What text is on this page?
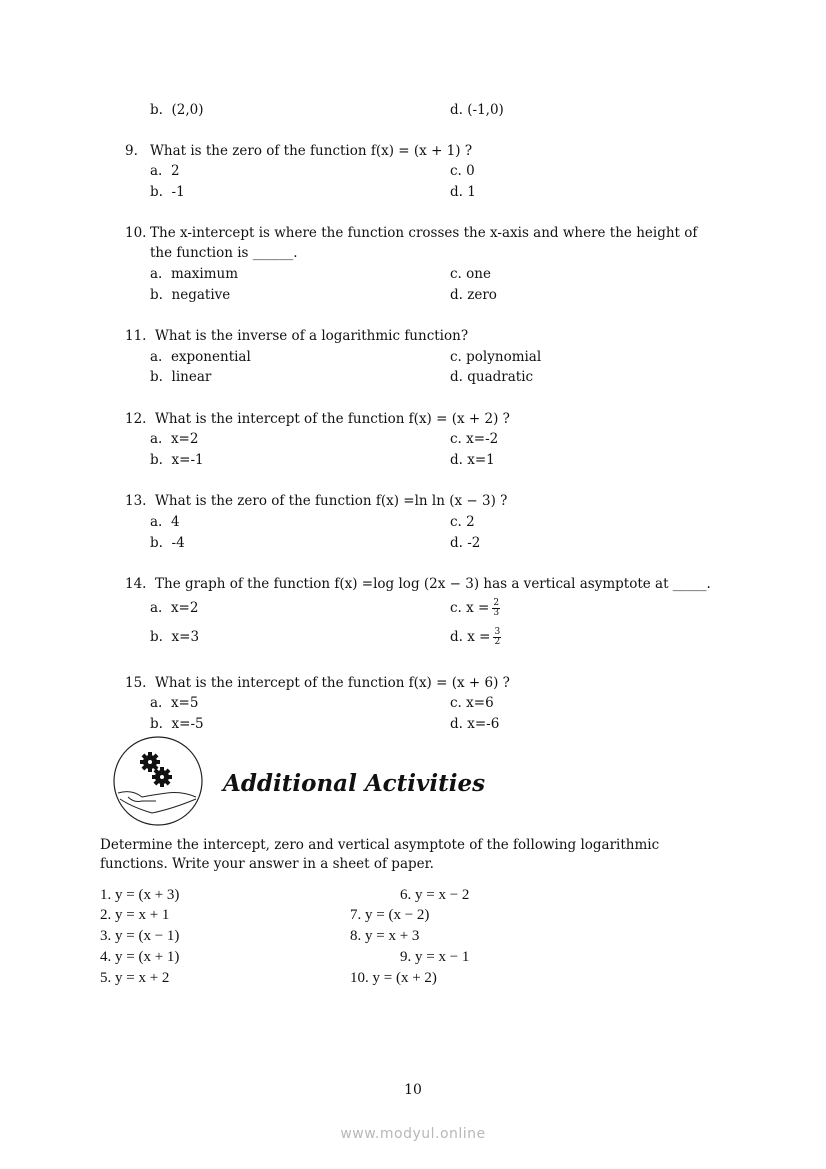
b. (2,0)	d. (-1,0)
9. What is the zero of the function f(x) = (x + 1) ?
a. 2	c. 0
b. -1	d. 1
10. The x-intercept is where the function crosses the x-axis and where the height of
the function is ______.
a. maximum	c. one
b. negative	d. zero
11. What is the inverse of a logarithmic function?
a. exponential	c. polynomial
b. linear	d. quadratic
12. What is the intercept of the function f(x) = (x + 2) ?
a. x=2	c. x=-2
b. x=-1	d. x=1
13. What is the zero of the function f(x) =ln ln (x − 3) ?
a. 4	c. 2
b. -4	d. -2
14. The graph of the function f(x) =log log (2x − 3) has a vertical asymptote at _____.
a. x=2	c. $x = \frac{2}{3}$
b. x=3	d. $x = \frac{3}{2}$
15. What is the intercept of the function f(x) = (x + 6) ?
a. x=5	c. x=6
b. x=-5	d. x=-6
Additional Activities
Determine the intercept, zero and vertical asymptote of the following logarithmic
functions. Write your answer in a sheet of paper.
1. y = (x + 3)
2. y = x + 1
3. y = (x − 1)
4. y = (x + 1)
5. y = x + 2
6. y = x − 2
7. y = (x − 2)
8. y = x + 3
9. y = x − 1
10. y = (x + 2)
10
www.modyul.online
